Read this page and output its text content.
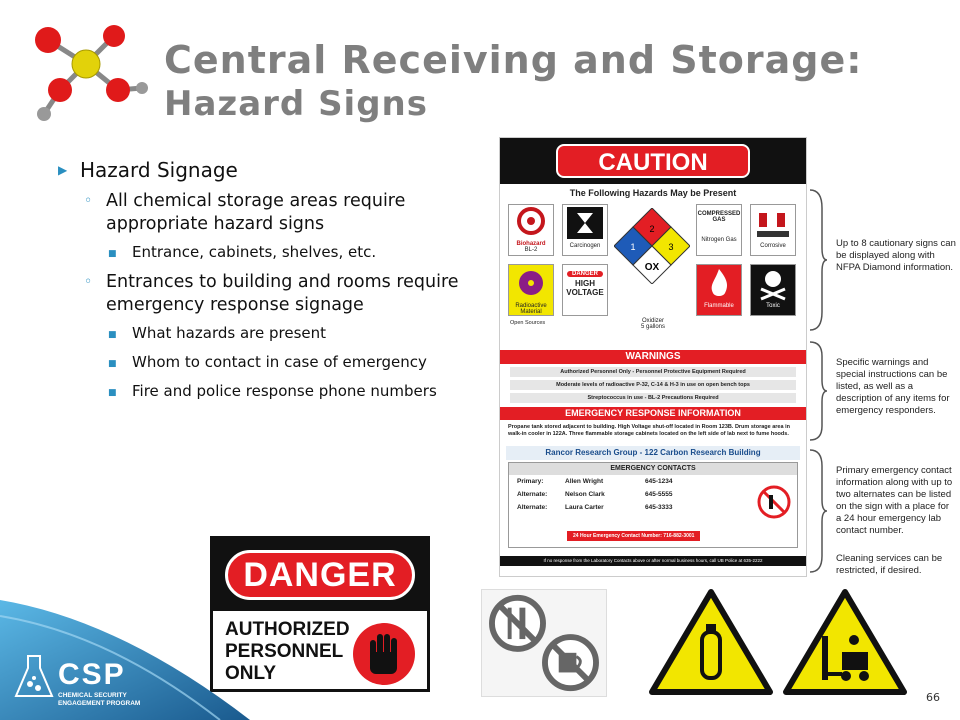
Central Receiving and Storage:
Hazard Signs
▶ Hazard Signage
◦ All chemical storage areas require appropriate hazard signs
■	Entrance, cabinets, shelves, etc.
◦ Entrances to building and rooms require emergency response signage
■	What hazards are present
■	Whom to contact in case of emergency
■	Fire and police response phone numbers
CAUTION
The Following Hazards May be Present
Biohazard
BL-2
Carcinogen
2
1	3
OX
Oxidizer
5 gallons
COMPRESSED GAS
Nitrogen Gas
Corrosive
Radioactive Material
Open Sources
DANGER
HIGH VOLTAGE
Flammable	Toxic
WARNINGS
Authorized Personnel Only - Personnel Protective Equipment Required
Moderate levels of radioactive P-32, C-14 & H-3 in use on open bench tops
Streptococcus in use - BL-2 Precautions Required
EMERGENCY RESPONSE INFORMATION
Propane tank stored adjacent to building. High Voltage shut-off located in Room 123B. Drum storage area in walk-in cooler in 122A. Three flammable storage cabinets located on the left side of lab next to fume hoods.
Rancor Research Group - 122 Carbon Research Building
EMERGENCY CONTACTS
Primary:	Allen Wright	645-1234
Alternate:	Nelson Clark	645-5555
Alternate:	Laura Carter	645-3333
24 Hour Emergency Contact Number: 716-882-3001
If no response from the Laboratory Contacts above or after normal business hours, call UB Police at 635-2222
Up to 8 cautionary signs can be displayed along with NFPA Diamond information.
Specific warnings and special instructions can be listed, as well as a description of any items for emergency responders.
Primary emergency contact information along with up to two alternates can be listed on the sign with a place for a 24 hour emergency lab contact number.
Cleaning services can be restricted, if desired.
DANGER
AUTHORIZED
PERSONNEL
ONLY
CSP
CHEMICAL SECURITY
ENGAGEMENT PROGRAM	66
